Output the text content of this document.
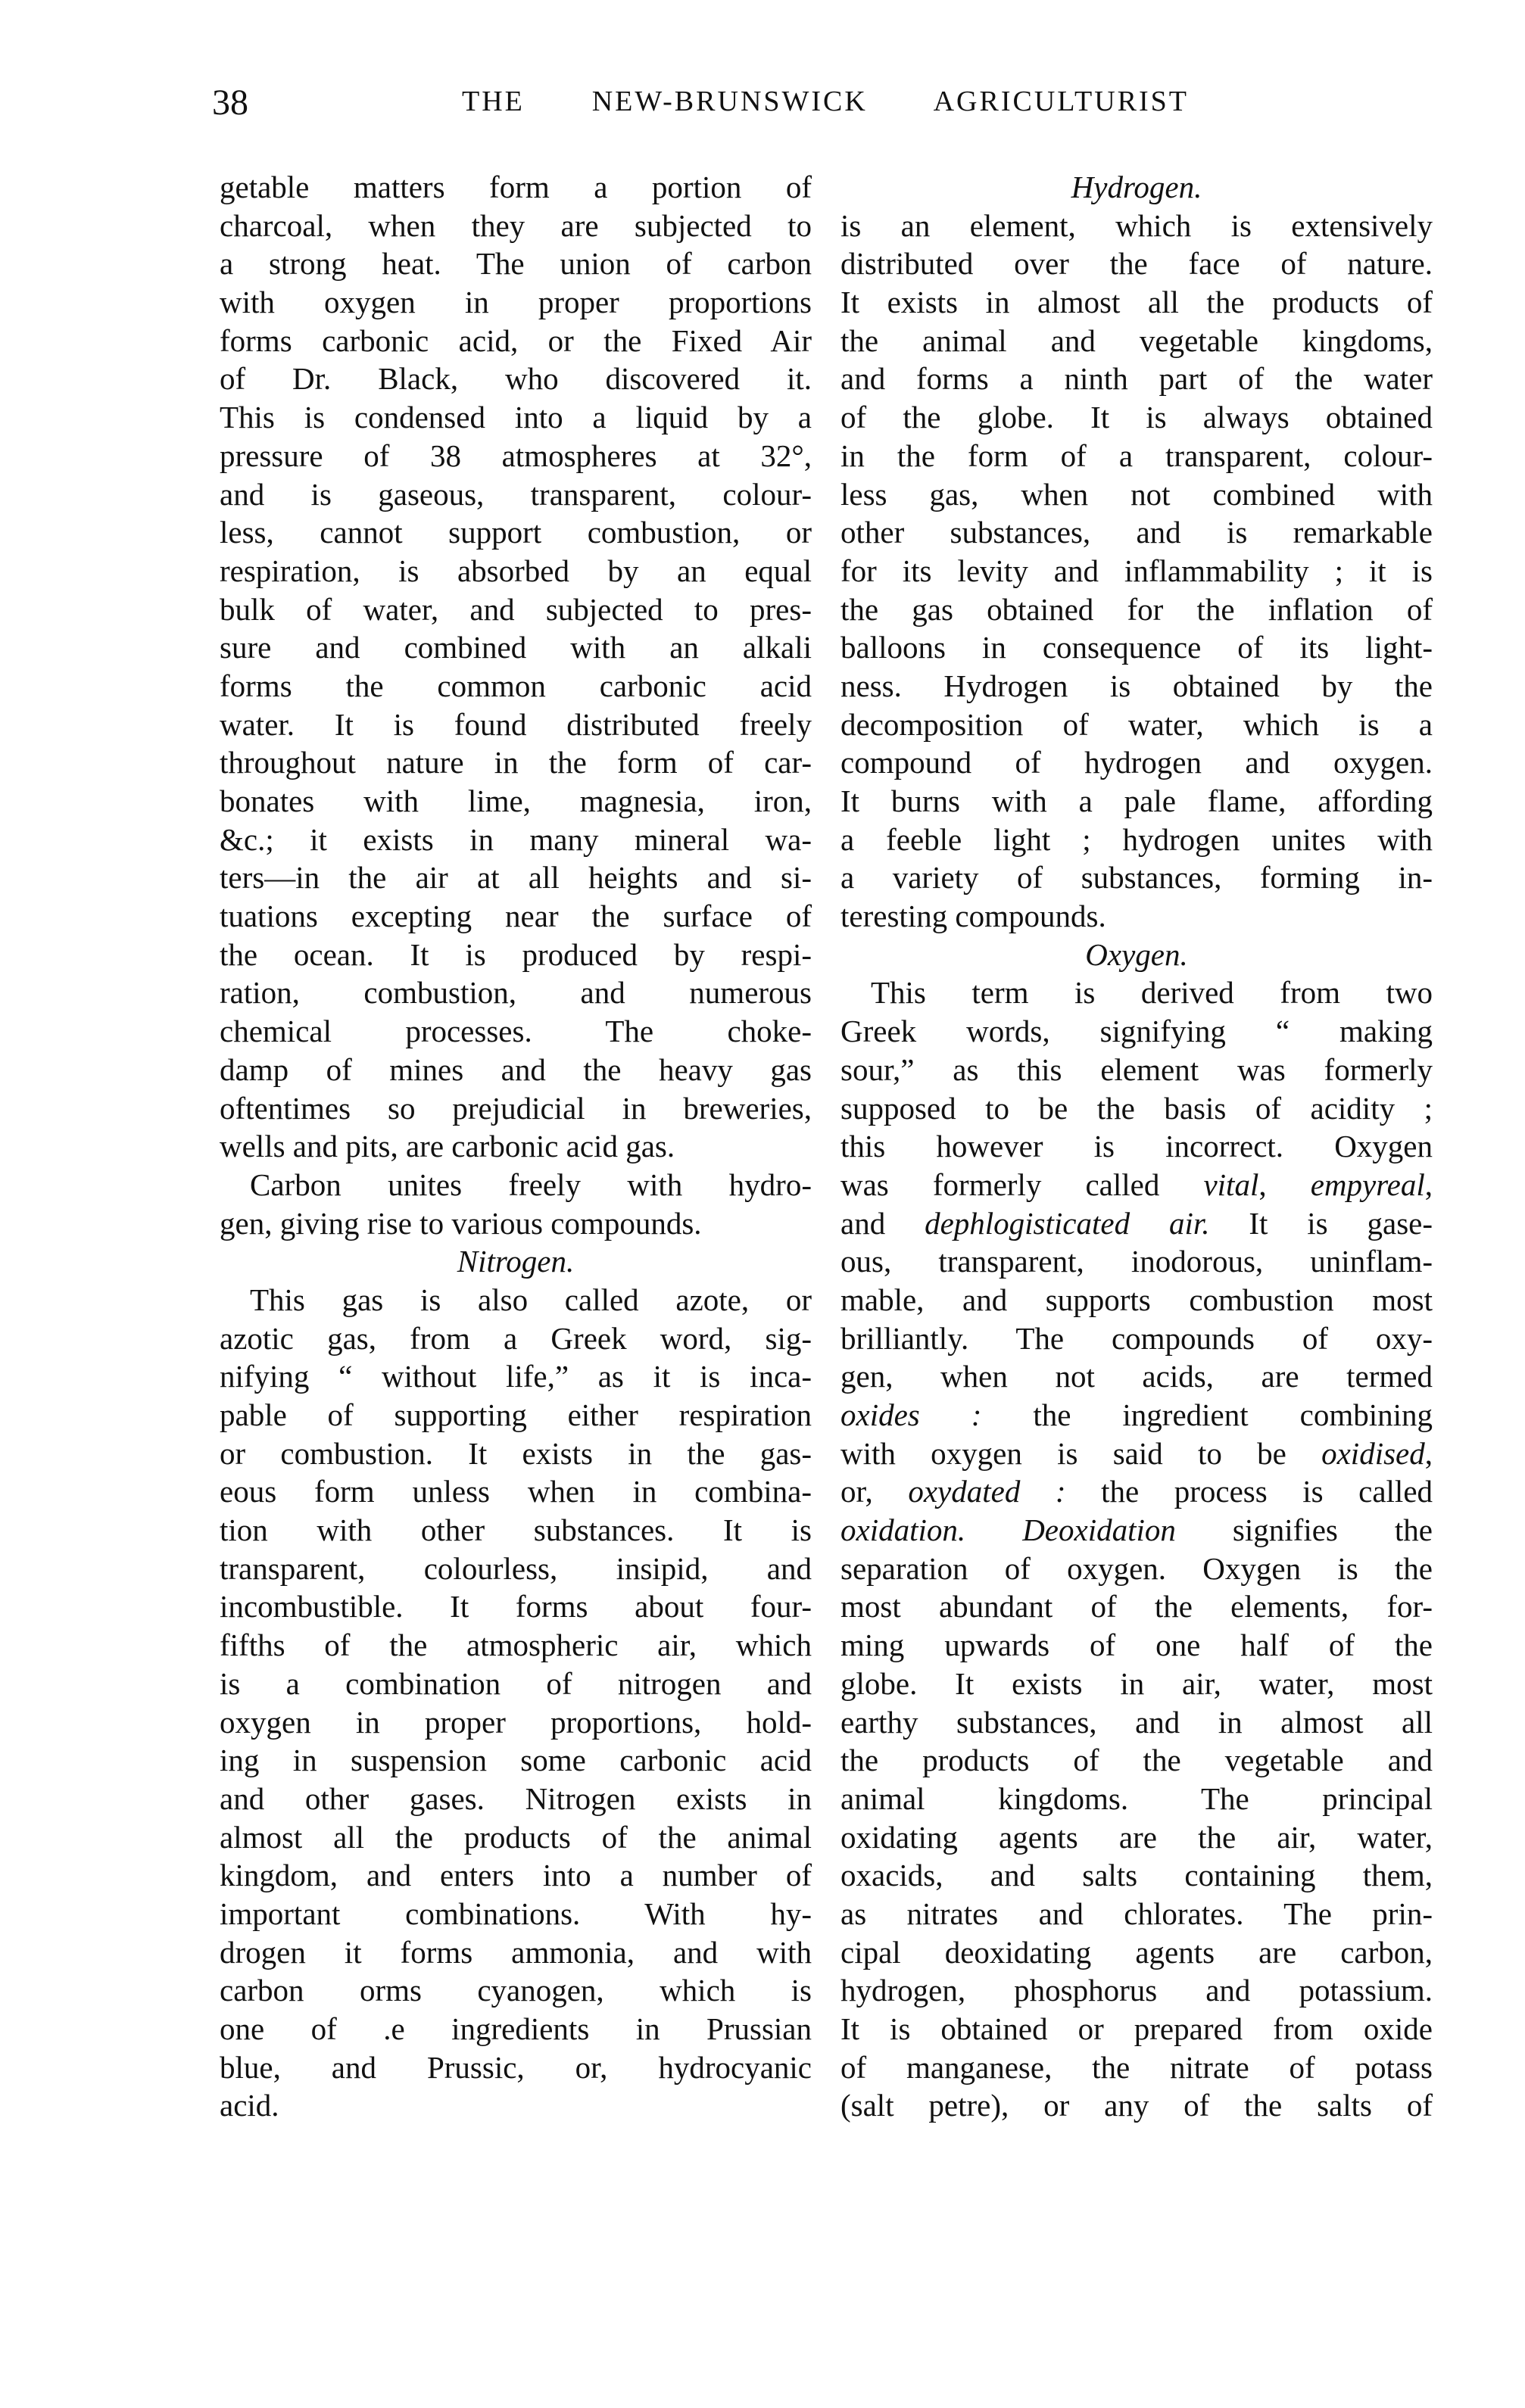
38	THE NEW-BRUNSWICK AGRICULTURIST
getable matters form a portion of
charcoal, when they are subjected to
a strong heat. The union of carbon
with oxygen in proper proportions
forms carbonic acid, or the Fixed Air
of Dr. Black, who discovered it.
This is condensed into a liquid by a
pressure of 38 atmospheres at 32°,
and is gaseous, transparent, colour-
less, cannot support combustion, or
respiration, is absorbed by an equal
bulk of water, and subjected to pres-
sure and combined with an alkali
forms the common carbonic acid
water. It is found distributed freely
throughout nature in the form of car-
bonates with lime, magnesia, iron,
&c.; it exists in many mineral wa-
ters—in the air at all heights and si-
tuations excepting near the surface of
the ocean. It is produced by respi-
ration, combustion, and numerous
chemical processes. The choke-
damp of mines and the heavy gas
oftentimes so prejudicial in breweries,
wells and pits, are carbonic acid gas.
Carbon unites freely with hydro-
gen, giving rise to various compounds.
Nitrogen.
This gas is also called azote, or
azotic gas, from a Greek word, sig-
nifying “ without life,” as it is inca-
pable of supporting either respiration
or combustion. It exists in the gas-
eous form unless when in combina-
tion with other substances. It is
transparent, colourless, insipid, and
incombustible. It forms about four-
fifths of the atmospheric air, which
is a combination of nitrogen and
oxygen in proper proportions, hold-
ing in suspension some carbonic acid
and other gases. Nitrogen exists in
almost all the products of the animal
kingdom, and enters into a number of
important combinations. With hy-
drogen it forms ammonia, and with
carbon orms cyanogen, which is
one of .e ingredients in Prussian
blue, and Prussic, or, hydrocyanic
acid.
Hydrogen.
is an element, which is extensively
distributed over the face of nature.
It exists in almost all the products of
the animal and vegetable kingdoms,
and forms a ninth part of the water
of the globe. It is always obtained
in the form of a transparent, colour-
less gas, when not combined with
other substances, and is remarkable
for its levity and inflammability ; it is
the gas obtained for the inflation of
balloons in consequence of its light-
ness. Hydrogen is obtained by the
decomposition of water, which is a
compound of hydrogen and oxygen.
It burns with a pale flame, affording
a feeble light ; hydrogen unites with
a variety of substances, forming in-
teresting compounds.
Oxygen.
This term is derived from two
Greek words, signifying “ making
sour,” as this element was formerly
supposed to be the basis of acidity ;
this however is incorrect. Oxygen
was formerly called vital, empyreal,
and dephlogisticated air. It is gase-
ous, transparent, inodorous, uninflam-
mable, and supports combustion most
brilliantly. The compounds of oxy-
gen, when not acids, are termed
oxides : the ingredient combining
with oxygen is said to be oxidised,
or, oxydated : the process is called
oxidation. Deoxidation signifies the
separation of oxygen. Oxygen is the
most abundant of the elements, for-
ming upwards of one half of the
globe. It exists in air, water, most
earthy substances, and in almost all
the products of the vegetable and
animal kingdoms. The principal
oxidating agents are the air, water,
oxacids, and salts containing them,
as nitrates and chlorates. The prin-
cipal deoxidating agents are carbon,
hydrogen, phosphorus and potassium.
It is obtained or prepared from oxide
of manganese, the nitrate of potass
(salt petre), or any of the salts of
